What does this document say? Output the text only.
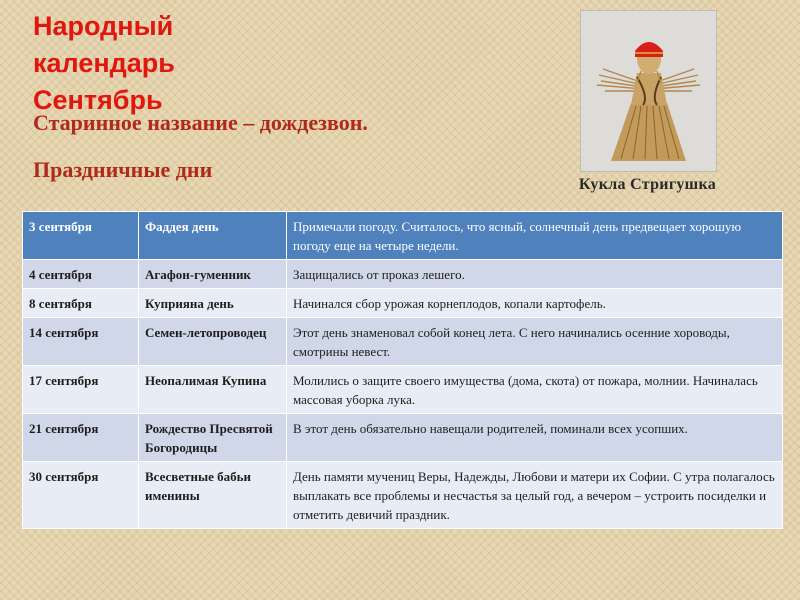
Народный
календарь
Сентябрь

Старинное название – дождезвон.

Праздничные дни

Кукла Стригушка

3 сентября	Фаддея день	Примечали погоду. Считалось, что ясный, солнечный день предвещает хорошую погоду еще на четыре недели.
4 сентября	Агафон-гуменник	Защищались от проказ лешего.
8 сентября	Куприяна день	Начинался сбор урожая корнеплодов, копали картофель.
14 сентября	Семен-летопроводец	Этот день знаменовал собой конец лета. С него начинались осенние хороводы, смотрины невест.
17 сентября	Неопалимая Купина	Молились о защите своего имущества (дома, скота) от пожара, молнии. Начиналась массовая уборка лука.
21 сентября	Рождество Пресвятой Богородицы	В этот день обязательно навещали родителей, поминали всех усопших.
30 сентября	Всесветные бабьи именины	День памяти мучениц Веры, Надежды, Любови и матери их Софии. С утра полагалось выплакать все проблемы и несчастья за целый год, а вечером – устроить посиделки и отметить девичий праздник.
